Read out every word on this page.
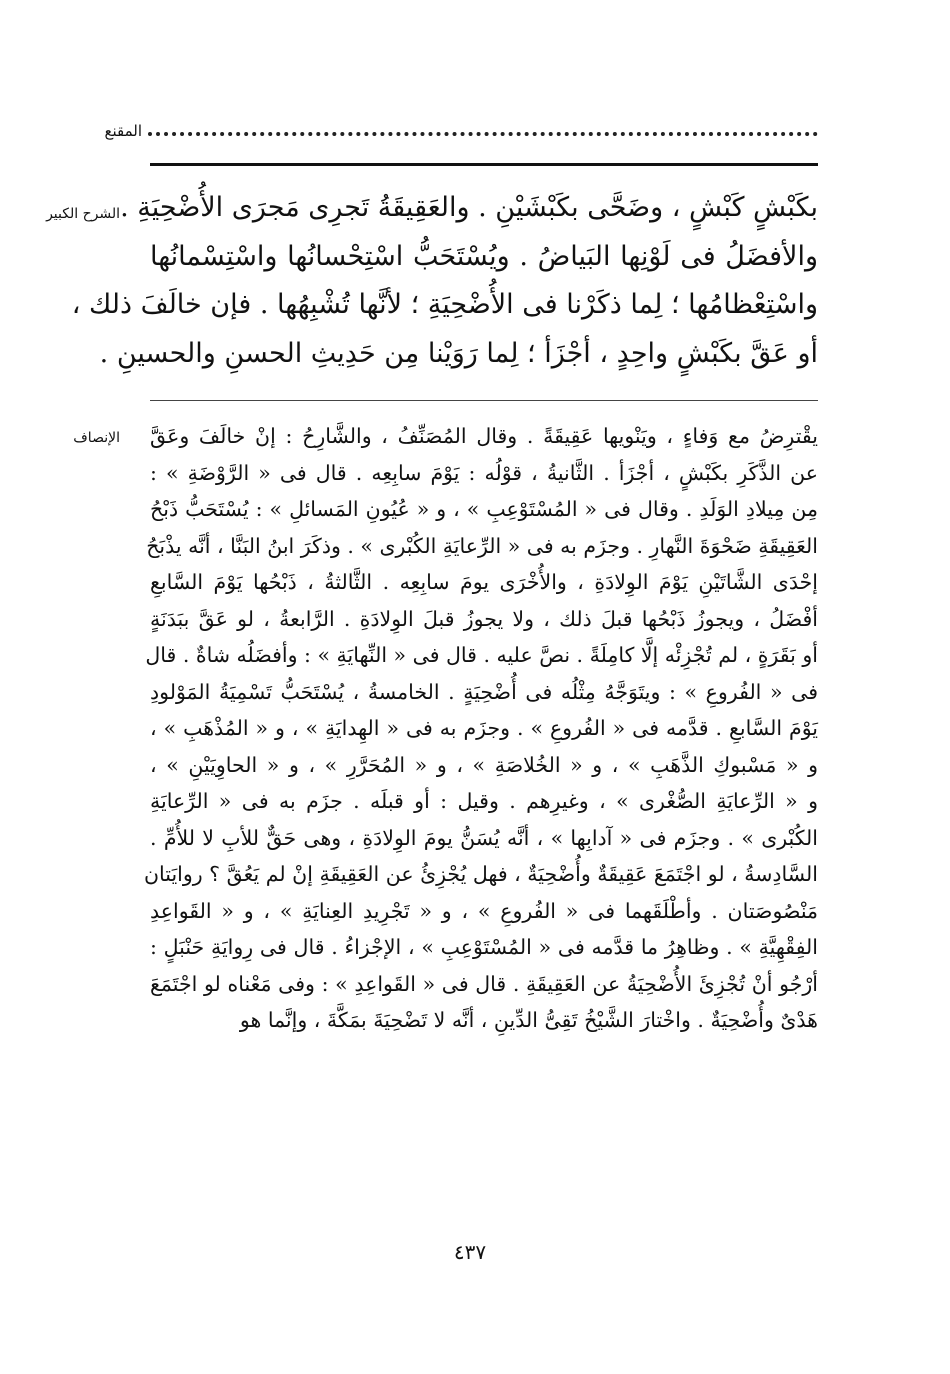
المقنع
الشرح الكبير بكَبْشٍ كَبْشٍ ، وضَحَّى بكَبْشَيْنِ . والعَقِيقَةُ تَجرِى مَجرَى الأُضْحِيَةِ .
والأفضَلُ فى لَوْنِها البَياضُ . ويُسْتَحَبُّ اسْتِحْسانُها واسْتِسْمانُها
واسْتِعْظامُها ؛ لِما ذكَرْنا فى الأُضْحِيَةِ ؛ لأنَّها تُشْبِهُها . فإن خالَفَ ذلك ،
أو عَقَّ بكَبْشٍ واحِدٍ ، أجْزَأ ؛ لِما رَوَيْنا مِن حَدِيثِ الحسنِ والحسينِ .
الإنصاف يقْترِضُ مع وَفاءٍ ، ويَنْويها عَقِيقَةً . وقال المُصَنِّفُ ، والشَّارِحُ : إنْ خالَفَ وعَقَّ
عن الذَّكَرِ بكَبْشٍ ، أجْزَأ . الثَّانيةُ ، قوْلُه : يَوْمَ سابِعِه . قال فى « الرَّوْضَةِ » :
مِن مِيلادِ الوَلَدِ . وقال فى « المُسْتَوْعِبِ » ، و « عُيُونِ المَسائلِ » : يُسْتَحَبُّ ذَبْحُ
العَقِيقَةِ ضَحْوَةَ النَّهارِ . وجزَم به فى « الرِّعايَةِ الكُبْرى » . وذكَرَ ابنُ البَنَّا ، أنَّه يذْبَحُ
إحْدَى الشَّاتَيْنِ يَوْمَ الوِلادَةِ ، والأُخْرَى يومَ سابِعِه . الثَّالثةُ ، ذَبْحُها يَوْمَ السَّابعِ
أفْضَلُ ، ويجوزُ ذَبْحُها قبلَ ذلك ، ولا يجوزُ قبلَ الوِلادَةِ . الرَّابعةُ ، لو عَقَّ ببَدَنَةٍ
أو بَقَرَةٍ ، لم تُجْزِئْه إلَّا كامِلَةً . نصَّ عليه . قال فى « النِّهايَةِ » : وأفضَلُه شاةٌ . قال
فى « الفُروعِ » : ويتَوَجَّهُ مِثْلُه فى أُضْحِيَةٍ . الخامسةُ ، يُسْتَحَبُّ تَسْمِيَةُ المَوْلودِ
يَوْمَ السَّابعِ . قدَّمه فى « الفُروعِ » . وجزَم به فى « الهِدايَةِ » ، و « المُذْهَبِ » ،
و « مَسْبوكِ الذَّهَبِ » ، و « الخُلاصَةِ » ، و « المُحَرَّرِ » ، و « الحاوِيَيْنِ » ،
و « الرِّعايَةِ الصُّغْرى » ، وغيرِهم . وقيل : أو قبلَه . جزَم به فى « الرِّعايَةِ
الكُبْرى » . وجزَم فى « آدابِها » ، أنَّه يُسَنُّ يومَ الوِلادَةِ ، وهى حَقٌّ للأبِ لا للأُمِّ .
السَّادِسةُ ، لو اجْتَمَعَ عَقِيقَةٌ وأُضْحِيَةٌ ، فهل يُجْزِئُ عن العَقِيقَةِ إنْ لم يَعُقَّ ؟ روايَتان
مَنْصُوصَتان . وأطْلَقَهما فى « الفُروعِ » ، و « تَجْرِيدِ العِنايَةِ » ، و « القَواعِدِ
الفِقْهِيَّةِ » . وظاهِرُ ما قدَّمه فى « المُسْتَوْعِبِ » ، الإجْزاءُ . قال فى رِوايَةِ حَنْبَلٍ :
أرْجُو أنْ تُجْزِئَ الأُضْحِيَةُ عن العَقِيقَةِ . قال فى « القَواعِدِ » : وفى مَعْناه لو اجْتَمَعَ
هَدْىٌ وأُضْحِيَةٌ . واخْتارَ الشَّيْخُ تَقِىُّ الدِّينِ ، أنَّه لا تَضْحِيَةَ بمَكَّةَ ، وإنَّما هو
٤٣٧
